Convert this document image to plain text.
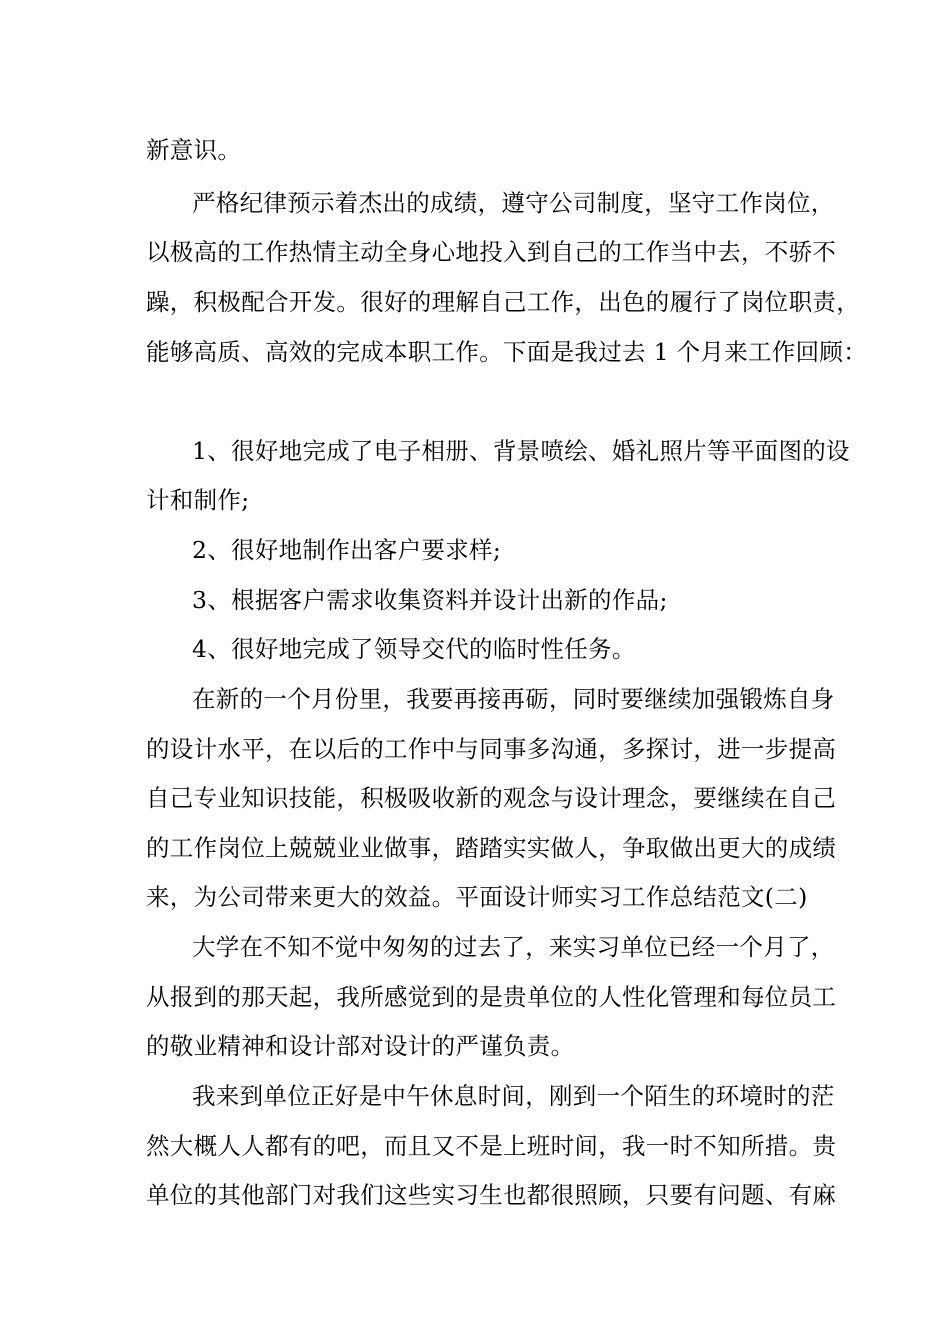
新意识。
严格纪律预示着杰出的成绩，遵守公司制度，坚守工作岗位，
以极高的工作热情主动全身心地投入到自己的工作当中去，不骄不
躁，积极配合开发。很好的理解自己工作，出色的履行了岗位职责，
能够高质、高效的完成本职工作。下面是我过去 1 个月来工作回顾：
1、很好地完成了电子相册、背景喷绘、婚礼照片等平面图的设
计和制作;
2、很好地制作出客户要求样;
3、根据客户需求收集资料并设计出新的作品;
4、很好地完成了领导交代的临时性任务。
在新的一个月份里，我要再接再砺，同时要继续加强锻炼自身
的设计水平，在以后的工作中与同事多沟通，多探讨，进一步提高
自己专业知识技能，积极吸收新的观念与设计理念，要继续在自己
的工作岗位上兢兢业业做事，踏踏实实做人，争取做出更大的成绩
来，为公司带来更大的效益。平面设计师实习工作总结范文(二)
大学在不知不觉中匆匆的过去了，来实习单位已经一个月了，
从报到的那天起，我所感觉到的是贵单位的人性化管理和每位员工
的敬业精神和设计部对设计的严谨负责。
我来到单位正好是中午休息时间，刚到一个陌生的环境时的茫
然大概人人都有的吧，而且又不是上班时间，我一时不知所措。贵
单位的其他部门对我们这些实习生也都很照顾，只要有问题、有麻
